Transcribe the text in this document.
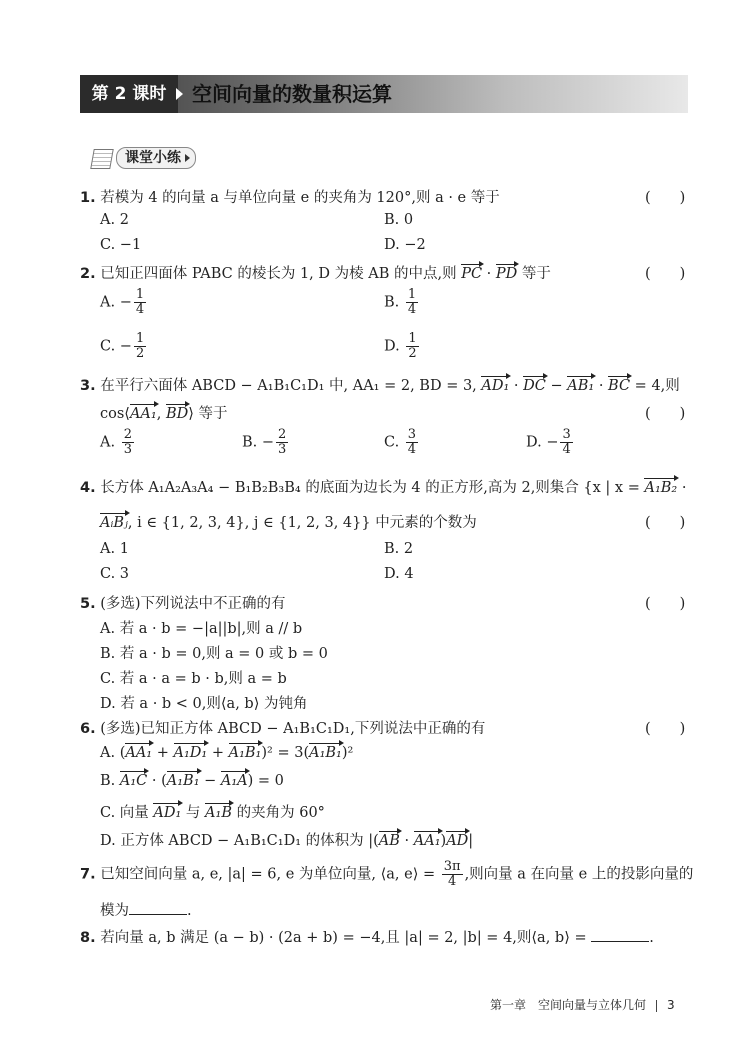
第 2 课时	空间向量的数量积运算
课堂小练
1. 若模为 4 的向量 a 与单位向量 e 的夹角为 120°,则 a · e 等于	(　　)
A. 2	B. 0
C. −1	D. −2
2. 已知正四面体 PABC 的棱长为 1, D 为棱 AB 的中点,则 PC · PD 等于	(　　)
A. − $\frac{1}{4}$	B. $\frac{1}{4}$
C. − $\frac{1}{2}$	D. $\frac{1}{2}$
3. 在平行六面体 ABCD − A₁B₁C₁D₁ 中, AA₁ = 2, BD = 3, AD₁ · DC − AB₁ · BC = 4,则
cos⟨AA₁, BD⟩ 等于	(　　)
A. $\frac{2}{3}$	B. − $\frac{2}{3}$	C. $\frac{3}{4}$	D. − $\frac{3}{4}$
4. 长方体 A₁A₂A₃A₄ − B₁B₂B₃B₄ 的底面为边长为 4 的正方形,高为 2,则集合 {x | x = A₁B₂ ·
AᵢBⱼ, i ∈ {1, 2, 3, 4}, j ∈ {1, 2, 3, 4}} 中元素的个数为	(　　)
A. 1	B. 2
C. 3	D. 4
5. (多选)下列说法中不正确的有	(　　)
A. 若 a · b = −|a||b|,则 a // b
B. 若 a · b = 0,则 a = 0 或 b = 0
C. 若 a · a = b · b,则 a = b
D. 若 a · b < 0,则⟨a, b⟩ 为钝角
6. (多选)已知正方体 ABCD − A₁B₁C₁D₁,下列说法中正确的有	(　　)
A. (AA₁ + A₁D₁ + A₁B₁)² = 3(A₁B₁)²
B. A₁C · (A₁B₁ − A₁A) = 0
C. 向量 AD₁ 与 A₁B 的夹角为 60°
D. 正方体 ABCD − A₁B₁C₁D₁ 的体积为 |(AB · AA₁)AD|
7. 已知空间向量 a, e, |a| = 6, e 为单位向量, ⟨a, e⟩ = $\frac{3\pi}{4}$ ,则向量 a 在向量 e 上的投影向量的
模为	.
8. 若向量 a, b 满足 (a − b) · (2a + b) = −4,且 |a| = 2, |b| = 4,则⟨a, b⟩ =	.
第一章　空间向量与立体几何 3
